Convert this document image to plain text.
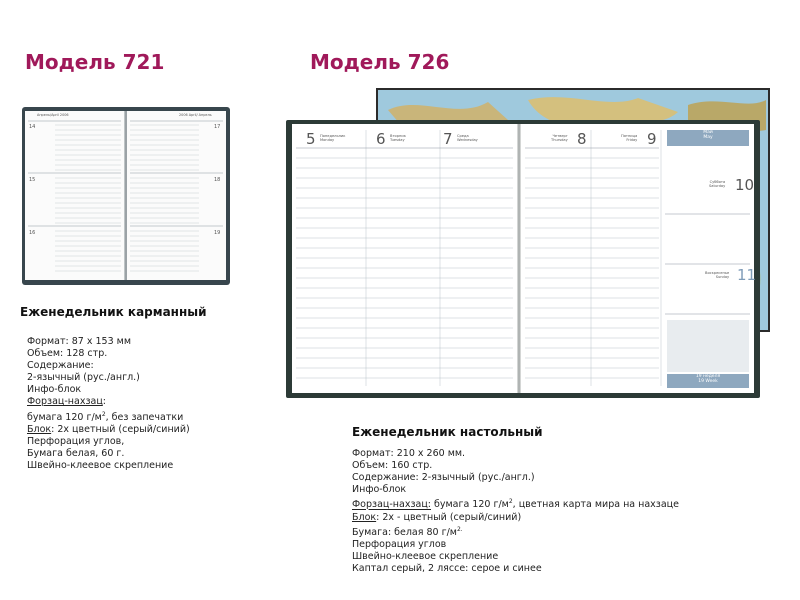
Модель 721	Модель 726
Апрель/April 2006
14
15
16
2006 April/ Апрель
17
18
19
Еженедельник карманный
Формат: 87 х 153 мм
Объем: 128 стр.
Содержание:
2-язычный (рус./англ.)
Инфо-блок
Форзац-нахзац:
бумага 120 $г/м^2$, без запечатки
Блок: 2х цветный (серый/синий)
Перфорация углов,
Бумага белая, 60 г.
Швейно-клеевое скрепление
5 Понедельник
Monday	6 Вторник
Tuesday	7 Среда
Wednesday
Четверг
Thursday 8	Пятница
Friday 9	Май
May
Суббота
Saturday 10
Воскресенье
Sunday 11
19 неделя
19 Week
Еженедельник настольный
Формат: 210 х 260 мм.
Объем: 160 стр.
Содержание: 2-язычный (рус./англ.)
Инфо-блок
Форзац-нахзац: бумага 120 $г/м^2$, цветная карта мира на нахзаце
Блок: 2х - цветный (серый/синий)
Бумага: белая 80 $г/м^{2.}$
Перфорация углов
Швейно-клеевое скрепление
Каптал серый, 2 ляссе: серое и синее
